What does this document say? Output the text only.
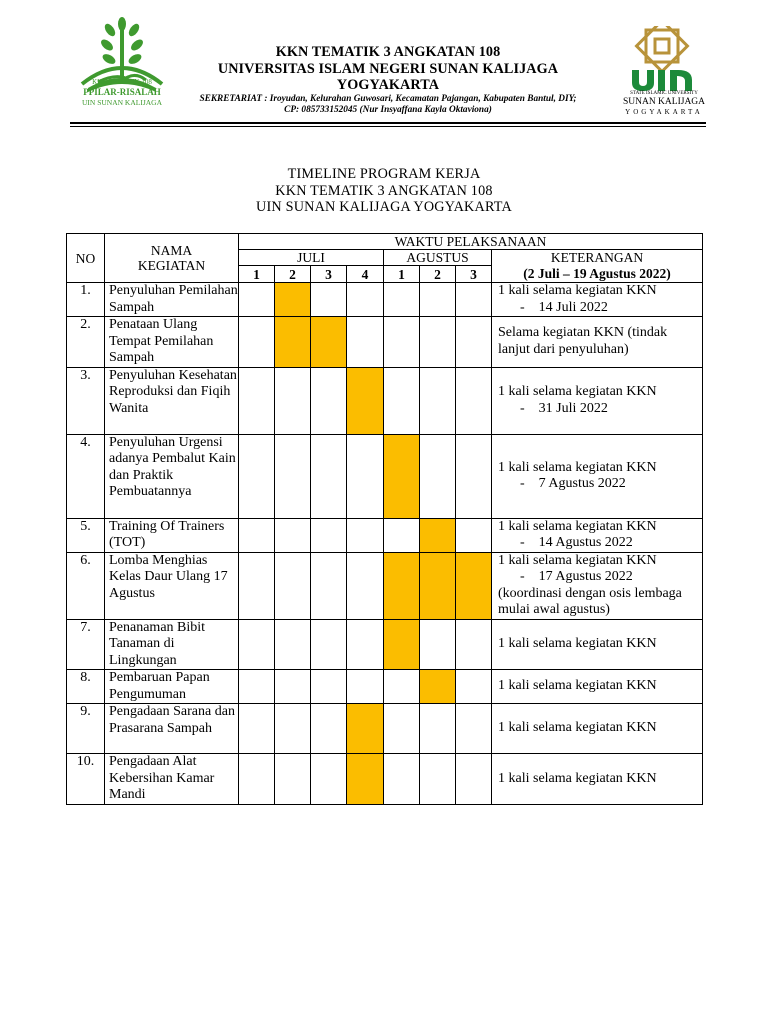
KKN TEMATIK 108
PPILAR-RISALAH
UIN SUNAN KALIJAGA
KKN TEMATIK 3 ANGKATAN 108
UNIVERSITAS ISLAM NEGERI SUNAN KALIJAGA
YOGYAKARTA
SEKRETARIAT : Iroyudan, Kelurahan Guwosari, Kecamatan Pajangan, Kabupaten Bantul, DIY;
CP: 085733152045 (Nur Insyaffana Kayla Oktaviona)
STATE ISLAMIC UNIVERSITY
SUNAN KALIJAGA
YOGYAKARTA
TIMELINE PROGRAM KERJA
KKN TEMATIK 3 ANGKATAN 108
UIN SUNAN KALIJAGA YOGYAKARTA
NO	NAMA KEGIATAN	WAKTU PELAKSANAAN							
		JULI				AGUSTUS			KETERANGAN
		1	2	3	4	1	2	3	(2 Juli – 19 Agustus 2022)
1.	Penyuluhan Pemilahan Sampah								1 kali selama kegiatan KKN
-    14 Juli 2022

2.	Penataan Ulang Tempat Pemilahan Sampah								Selama kegiatan KKN (tindak lanjut dari penyuluhan)

3.	Penyuluhan Kesehatan Reproduksi dan Fiqih Wanita								1 kali selama kegiatan KKN
-    31 Juli 2022

4.	Penyuluhan Urgensi adanya Pembalut Kain dan Praktik Pembuatannya								1 kali selama kegiatan KKN
-    7 Agustus 2022

5.	Training Of Trainers (TOT)								1 kali selama kegiatan KKN
-    14 Agustus 2022

6.	Lomba Menghias Kelas Daur Ulang 17 Agustus								1 kali selama kegiatan KKN
-    17 Agustus 2022
(koordinasi dengan osis lembaga mulai awal agustus)

7.	Penanaman Bibit Tanaman di Lingkungan								1 kali selama kegiatan KKN

8.	Pembaruan Papan Pengumuman								1 kali selama kegiatan KKN

9.	Pengadaan Sarana dan Prasarana Sampah								1 kali selama kegiatan KKN

10.	Pengadaan Alat Kebersihan Kamar Mandi								1 kali selama kegiatan KKN
